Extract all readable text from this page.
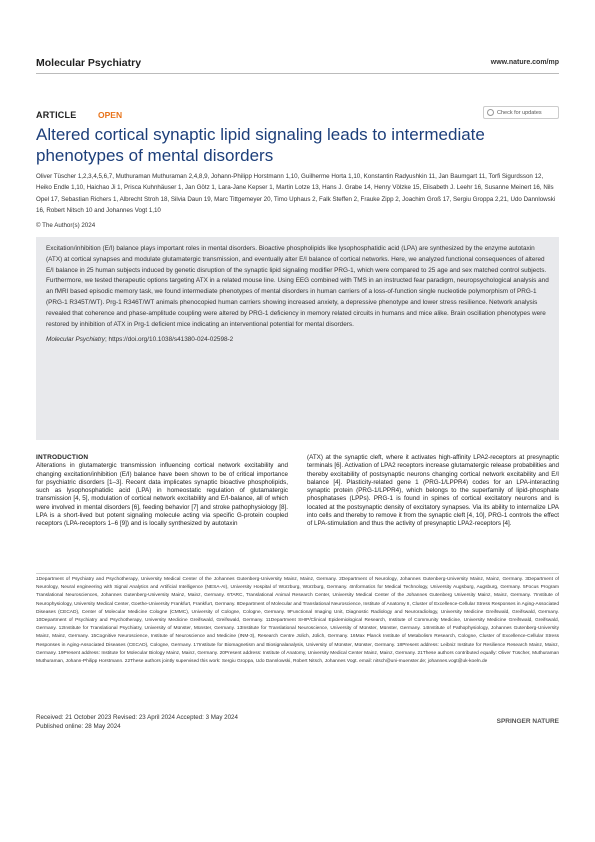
Molecular Psychiatry	www.nature.com/mp
ARTICLE	OPEN	Check for updates
Altered cortical synaptic lipid signaling leads to intermediate phenotypes of mental disorders
Oliver Tüscher 1,2,3,4,5,6,7, Muthuraman Muthuraman 2,4,8,9, Johann-Philipp Horstmann 1,10, Guilherme Horta 1,10, Konstantin Radyushkin 11, Jan Baumgart 11, Torfi Sigurdsson 12, Heiko Endle 1,10, Haichao Ji 1, Prisca Kuhnhäuser 1, Jan Götz 1, Lara-Jane Kepser 1, Martin Lotze 13, Hans J. Grabe 14, Henry Völzke 15, Elisabeth J. Leehr 16, Susanne Meinert 16, Nils Opel 17, Sebastian Richers 1, Albrecht Stroh 18, Silvia Daun 19, Marc Tittgemeyer 20, Timo Uphaus 2, Falk Steffen 2, Frauke Zipp 2, Joachim Groß 17, Sergiu Groppa 2,21, Udo Dannlowski 16, Robert Nitsch 10 and Johannes Vogt 1,10
© The Author(s) 2024
Excitation/inhibition (E/I) balance plays important roles in mental disorders. Bioactive phospholipids like lysophosphatidic acid (LPA) are synthesized by the enzyme autotaxin (ATX) at cortical synapses and modulate glutamatergic transmission, and eventually alter E/I balance of cortical networks. Here, we analyzed functional consequences of altered E/I balance in 25 human subjects induced by genetic disruption of the synaptic lipid signaling modifier PRG-1, which were compared to 25 age and sex matched control subjects. Furthermore, we tested therapeutic options targeting ATX in a related mouse line. Using EEG combined with TMS in an instructed fear paradigm, neuropsychological analysis and an fMRI based episodic memory task, we found intermediate phenotypes of mental disorders in human carriers of a loss-of-function single nucleotide polymorphism of PRG-1 (PRG-1 R345T/WT). Prg-1 R346T/WT animals phenocopied human carriers showing increased anxiety, a depressive phenotype and lower stress resilience. Network analysis revealed that coherence and phase-amplitude coupling were altered by PRG-1 deficiency in memory related circuits in humans and mice alike. Brain oscillation phenotypes were restored by inhibition of ATX in Prg-1 deficient mice indicating an interventional potential for mental disorders.
Molecular Psychiatry; https://doi.org/10.1038/s41380-024-02598-2
INTRODUCTION
Alterations in glutamatergic transmission influencing cortical network excitability and changing excitation/inhibition (E/I) balance have been shown to be of critical importance for psychiatric disorders [1–3]. Recent data implicates synaptic bioactive phospholipids, such as lysophosphatidic acid (LPA) in homeostatic regulation of glutamatergic transmission [4, 5], modulation of cortical network excitability and E/I-balance, all of which were involved in mental disorders [6], feeding behavior [7] and stroke pathophysiology [8]. LPA is a short-lived but potent signaling molecule acting via specific G-protein coupled receptors (LPA-receptors 1–6 [9]) and is locally synthesized by autotaxin
(ATX) at the synaptic cleft, where it activates high-affinity LPA2-receptors at presynaptic terminals [6]. Activation of LPA2 receptors increase glutamatergic release probabilities and thereby excitability of postsynaptic neurons changing cortical network excitability and E/I balance [4]. Plasticity-related gene 1 (PRG-1/LPPR4) codes for an LPA-interacting synaptic protein (PRG-1/LPPR4), which belongs to the superfamily of lipid-phosphate phosphatases (LPPs). PRG-1 is found in spines of cortical excitatory neurons and is located at the postsynaptic density of excitatory synapses. Via its ability to internalize LPA into cells and thereby to remove it from the synaptic cleft [4, 10], PRG-1 controls the effect of LPA-stimulation and thus the activity of presynaptic LPA2-receptors [4].
1Department of Psychiatry and Psychotherapy, University Medical Center of the Johannes Gutenberg-University Mainz, Mainz, Germany. 2Department of Neurology, Johannes Gutenberg-University Mainz, Mainz, Germany. 3Department of Neurology, Neural engineering with Signal Analytics and Artificial Intelligence (NESA-AI), University Hospital of Würzburg, Würzburg, Germany. 4Informatics for Medical Technology, University Augsburg, Augsburg, Germany. 5Focus Program Translational Neurosciences, Johannes Gutenberg-University Mainz, Mainz, Germany. 6TARC, Translational Animal Research Center, University Medical Center of the Johannes Gutenberg University Mainz, Mainz, Germany. 7Institute of Neurophysiology, University Medical Center, Goethe-University Frankfurt, Frankfurt, Germany. 8Department of Molecular and Translational Neuroscience, Institute of Anatomy II, Cluster of Excellence-Cellular Stress Responses in Aging-Associated Diseases (CECAD), Center of Molecular Medicine Cologne (CMMC), University of Cologne, Cologne, Germany. 9Functional Imaging Unit, Diagnostic Radiology and Neuroradiology, University Medicine Greifswald, Greifswald, Germany. 10Department of Psychiatry and Psychotherapy, University Medicine Greifswald, Greifswald, Germany. 11Department SHIP/Clinical Epidemiological Research, Institute of Community Medicine, University Medicine Greifswald, Greifswald, Germany. 12Institute for Translational Psychiatry, University of Münster, Münster, Germany. 13Institute for Translational Neuroscience, University of Münster, Münster, Germany. 14Institute of Pathophysiology, Johannes Gutenberg-University Mainz, Mainz, Germany. 15Cognitive Neuroscience, Institute of Neuroscience and Medicine (INM-3), Research Centre Jülich, Jülich, Germany. 16Max Planck Institute of Metabolism Research, Cologne, Cluster of Excellence-Cellular Stress Responses in Aging-Associated Diseases (CECAD), Cologne, Germany. 17Institute for Biomagnetism and Biosignalanalysis, University of Münster, Münster, Germany. 18Present address: Leibniz Institute for Resilience Research Mainz, Mainz, Germany. 19Present address: Institute for Molecular Biology Mainz, Mainz, Germany. 20Present address: Institute of Anatomy, University Medical Center Mainz, Mainz, Germany. 21These authors contributed equally: Oliver Tüscher, Muthuraman Muthuraman, Johann-Philipp Horstmann. 22These authors jointly supervised this work: Sergiu Groppa, Udo Dannlowski, Robert Nitsch, Johannes Vogt. email: nitsch@uni-muenster.de; johannes.vogt@uk-koeln.de
Received: 21 October 2023 Revised: 23 April 2024 Accepted: 3 May 2024
Published online: 28 May 2024
SPRINGER NATURE
